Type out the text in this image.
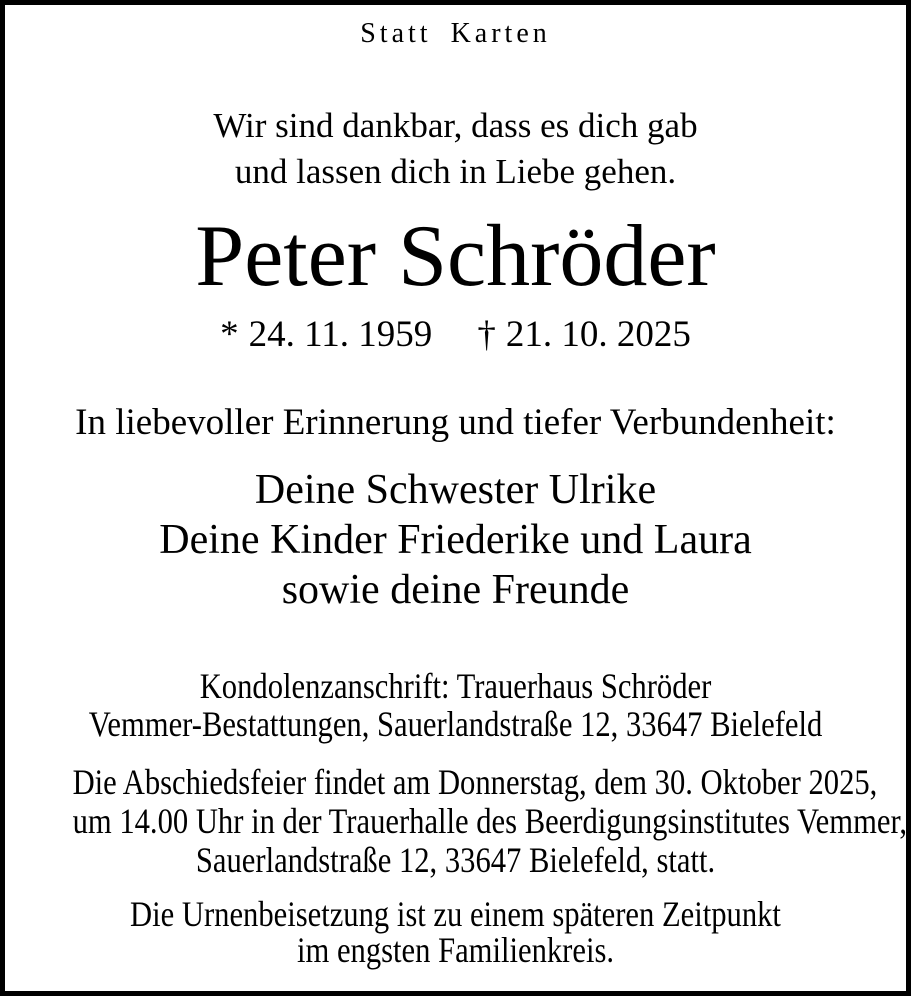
Statt Karten
Wir sind dankbar, dass es dich gab
und lassen dich in Liebe gehen.
Peter Schröder
* 24. 11. 1959 † 21. 10. 2025
In liebevoller Erinnerung und tiefer Verbundenheit:
Deine Schwester Ulrike
Deine Kinder Friederike und Laura
sowie deine Freunde
Kondolenzanschrift: Trauerhaus Schröder
Vemmer-Bestattungen, Sauerlandstraße 12, 33647 Bielefeld
Die Abschiedsfeier findet am Donnerstag, dem 30. Oktober 2025,
um 14.00 Uhr in der Trauerhalle des Beerdigungsinstitutes Vemmer,
Sauerlandstraße 12, 33647 Bielefeld, statt.
Die Urnenbeisetzung ist zu einem späteren Zeitpunkt
im engsten Familienkreis.
